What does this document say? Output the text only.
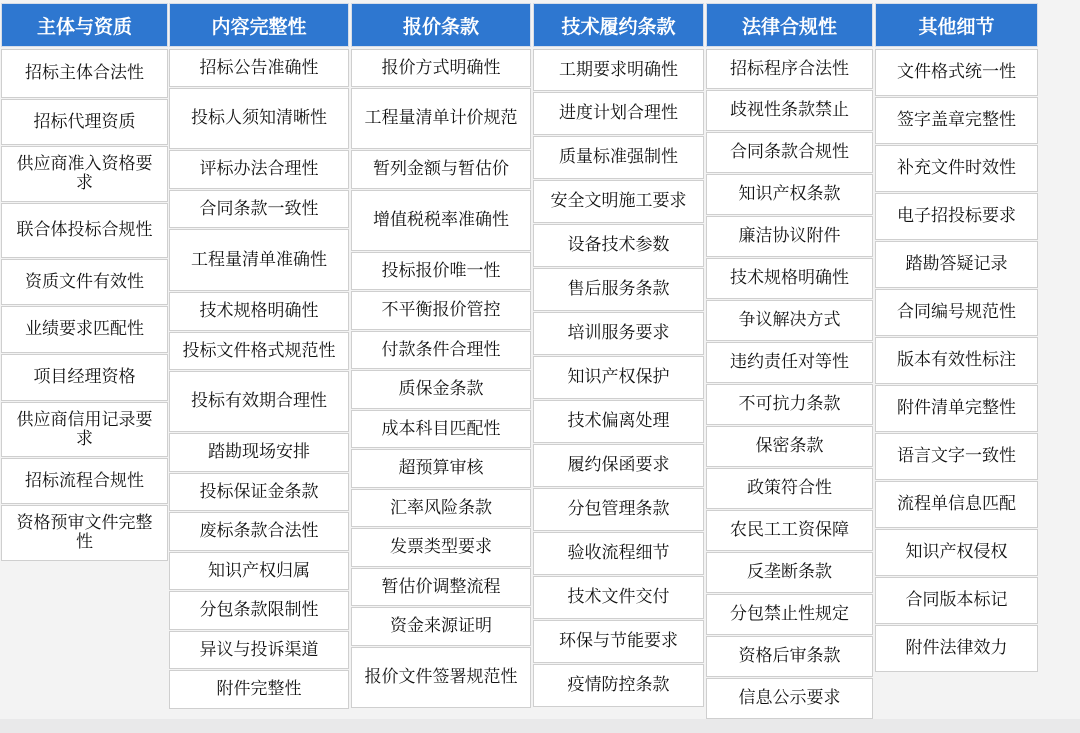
主体与资质
招标主体合法性
招标代理资质
供应商准入资格要求
联合体投标合规性
资质文件有效性
业绩要求匹配性
项目经理资格
供应商信用记录要求
招标流程合规性
资格预审文件完整性
内容完整性
招标公告准确性
投标人须知清晰性
评标办法合理性
合同条款一致性
工程量清单准确性
技术规格明确性
投标文件格式规范性
投标有效期合理性
踏勘现场安排
投标保证金条款
废标条款合法性
知识产权归属
分包条款限制性
异议与投诉渠道
附件完整性
报价条款
报价方式明确性
工程量清单计价规范
暂列金额与暂估价
增值税税率准确性
投标报价唯一性
不平衡报价管控
付款条件合理性
质保金条款
成本科目匹配性
超预算审核
汇率风险条款
发票类型要求
暂估价调整流程
资金来源证明
报价文件签署规范性
技术履约条款
工期要求明确性
进度计划合理性
质量标准强制性
安全文明施工要求
设备技术参数
售后服务条款
培训服务要求
知识产权保护
技术偏离处理
履约保函要求
分包管理条款
验收流程细节
技术文件交付
环保与节能要求
疫情防控条款
法律合规性
招标程序合法性
歧视性条款禁止
合同条款合规性
知识产权条款
廉洁协议附件
技术规格明确性
争议解决方式
违约责任对等性
不可抗力条款
保密条款
政策符合性
农民工工资保障
反垄断条款
分包禁止性规定
资格后审条款
信息公示要求
其他细节
文件格式统一性
签字盖章完整性
补充文件时效性
电子招投标要求
踏勘答疑记录
合同编号规范性
版本有效性标注
附件清单完整性
语言文字一致性
流程单信息匹配
知识产权侵权
合同版本标记
附件法律效力
